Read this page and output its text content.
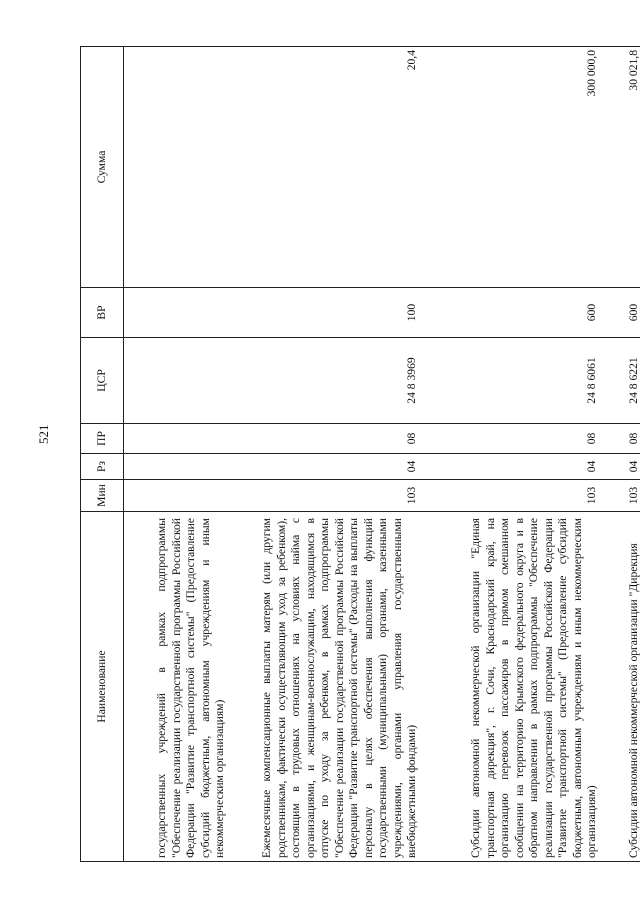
521
Наименование	Мин	Рз	ПР	ЦСР	ВР	Сумма
государственных учреждений в рамках подпрограммы "Обеспечение реализации государственной программы Российской Федерации "Развитие транспортной системы" (Предоставление субсидий бюджетным, автономным учреждениям и иным некоммерческим организациям)						
Ежемесячные компенсационные выплаты матерям (или другим родственникам, фактически осуществляющим уход за ребенком), состоящим в трудовых отношениях на условиях найма с организациями, и женщинам-военнослужащим, находящимся в отпуске по уходу за ребенком, в рамках подпрограммы "Обеспечение реализации государственной программы Российской Федерации "Развитие транспортной системы" (Расходы на выплаты персоналу в целях обеспечения выполнения функций государственными (муниципальными) органами, казенными учреждениями, органами управления государственными внебюджетными фондами)	103	04	08	24 8 3969	100	20,4
Субсидии автономной некоммерческой организации "Единая транспортная дирекция", г. Сочи, Краснодарский край, на организацию перевозок пассажиров в прямом смешанном сообщении на территорию Крымского федерального округа и в обратном направлении в рамках подпрограммы "Обеспечение реализации государственной программы Российской Федерации "Развитие транспортной системы" (Предоставление субсидий бюджетным, автономным учреждениям и иным некоммерческим организациям)	103	04	08	24 8 6061	600	300 000,0
Субсидии автономной некоммерческой организации "Дирекция	103	04	08	24 8 6221	600	30 021,8
